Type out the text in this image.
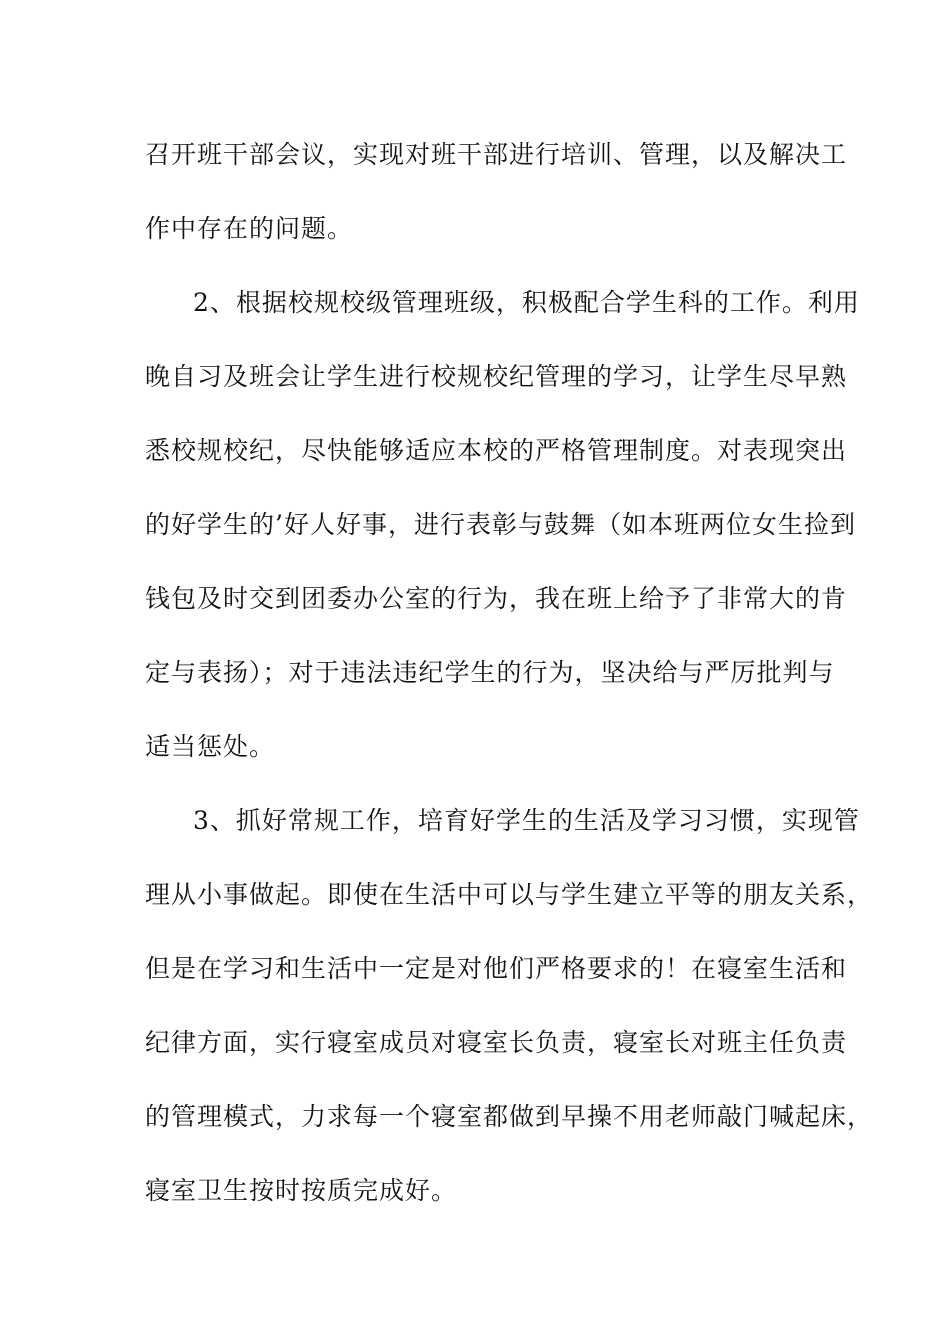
召开班干部会议，实现对班干部进行培训、管理，以及解决工
作中存在的问题。
2、根据校规校级管理班级，积极配合学生科的工作。利用
晚自习及班会让学生进行校规校纪管理的学习，让学生尽早熟
悉校规校纪，尽快能够适应本校的严格管理制度。对表现突出
的好学生的’好人好事，进行表彰与鼓舞（如本班两位女生捡到
钱包及时交到团委办公室的行为，我在班上给予了非常大的肯
定与表扬）；对于违法违纪学生的行为，坚决给与严厉批判与
适当惩处。
3、抓好常规工作，培育好学生的生活及学习习惯，实现管
理从小事做起。即使在生活中可以与学生建立平等的朋友关系，
但是在学习和生活中一定是对他们严格要求的！在寝室生活和
纪律方面，实行寝室成员对寝室长负责，寝室长对班主任负责
的管理模式，力求每一个寝室都做到早操不用老师敲门喊起床，
寝室卫生按时按质完成好。
